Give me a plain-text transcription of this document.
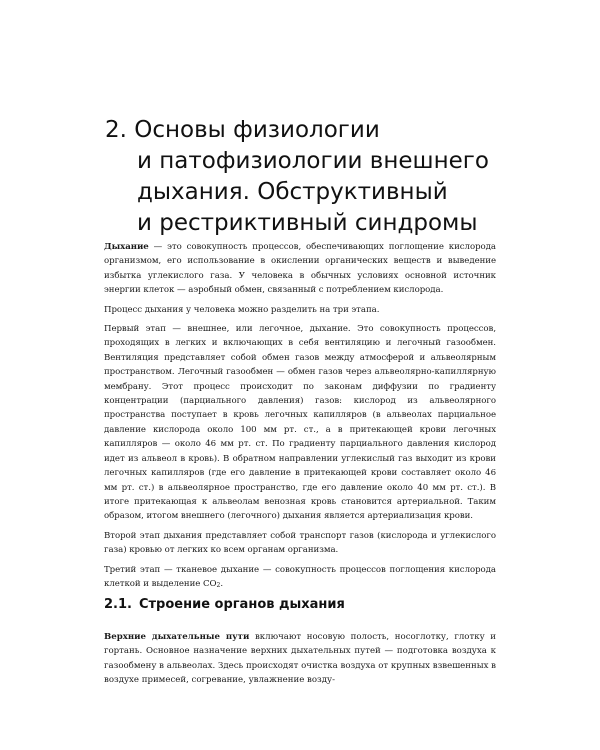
2. Основы физиологии
и патофизиологии внешнего
дыхания. Обструктивный
и рестриктивный синдромы

Дыхание — это совокупность процессов, обеспечивающих поглощение кислорода организмом, его использование в окислении органических веществ и выведение избытка углекислого газа. У человека в обычных условиях основной источник энергии клеток — аэробный обмен, связанный с потреблением кислорода.

Процесс дыхания у человека можно разделить на три этапа.

Первый этап — внешнее, или легочное, дыхание. Это совокупность процессов, проходящих в легких и включающих в себя вентиляцию и легочный газообмен. Вентиляция представляет собой обмен газов между атмосферой и альвеолярным пространством. Легочный газообмен — обмен газов через альвеолярно-капиллярную мембрану. Этот процесс происходит по законам диффузии по градиенту концентрации (парциального давления) газов: кислород из альвеолярного пространства поступает в кровь легочных капилляров (в альвеолах парциальное давление кислорода около 100 мм рт. ст., а в притекающей крови легочных капилляров — около 46 мм рт. ст. По градиенту парциального давления кислород идет из альвеол в кровь). В обратном направлении углекислый газ выходит из крови легочных капилляров (где его давление в притекающей крови составляет около 46 мм рт. ст.) в альвеолярное пространство, где его давление около 40 мм рт. ст.). В итоге притекающая к альвеолам венозная кровь становится артериальной. Таким образом, итогом внешнего (легочного) дыхания является артериализация крови.

Второй этап дыхания представляет собой транспорт газов (кислорода и углекислого газа) кровью от легких ко всем органам организма.

Третий этап — тканевое дыхание — совокупность процессов поглощения кислорода клеткой и выделение $CO_2$.

2.1. Строение органов дыхания

Верхние дыхательные пути включают носовую полость, носоглотку, глотку и гортань. Основное назначение верхних дыхательных путей — подготовка воздуха к газообмену в альвеолах. Здесь происходят очистка воздуха от крупных взвешенных в воздухе примесей, согревание, увлажнение возду-
